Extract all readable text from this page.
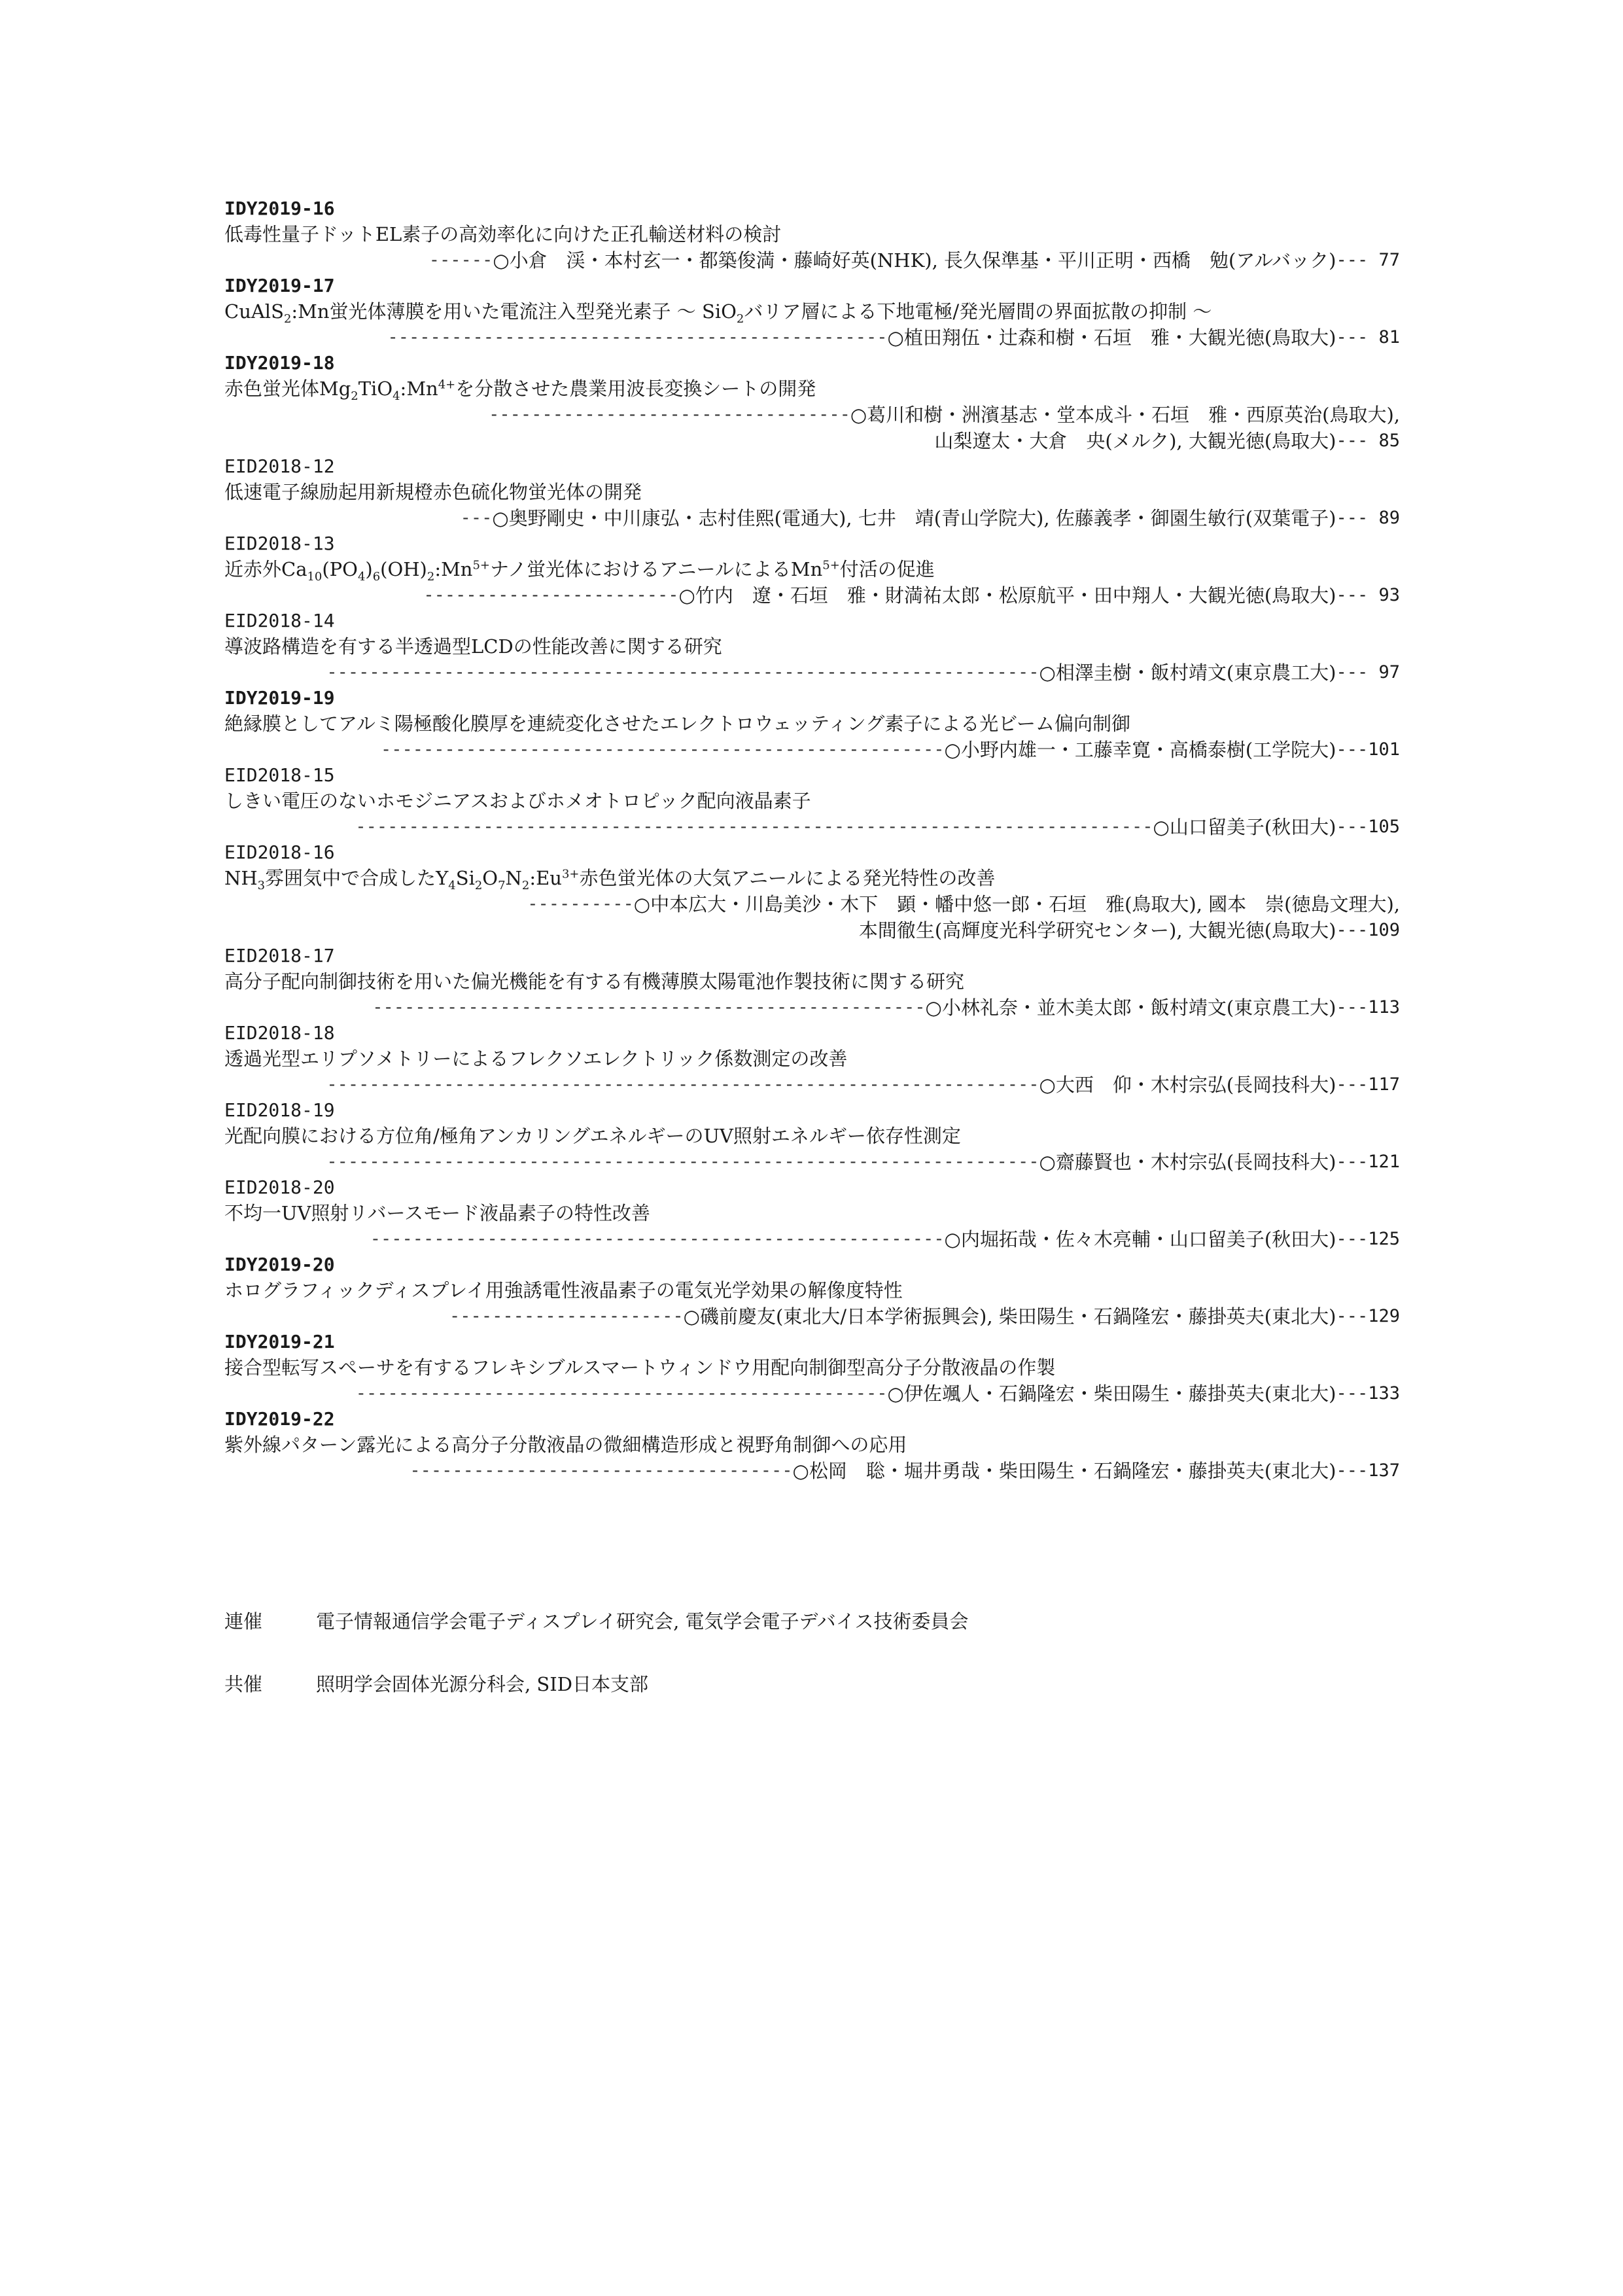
IDY2019-16
低毒性量子ドットEL素子の高効率化に向けた正孔輸送材料の検討
------ ○小倉　渓・本村玄一・都築俊満・藤崎好英(NHK), 長久保準基・平川正明・西橋　勉(アルバック) --- 77
IDY2019-17
CuAlS$_2$:Mn蛍光体薄膜を用いた電流注入型発光素子 〜 SiO$_2$バリア層による下地電極/発光層間の界面拡散の抑制 〜
----------------------------------------------- ○植田翔伍・辻森和樹・石垣　雅・大観光徳(鳥取大) --- 81
IDY2019-18
赤色蛍光体$Mg_2TiO_4:Mn^{4+}$を分散させた農業用波長変換シートの開発
---------------------------------- ○葛川和樹・洲濱基志・堂本成斗・石垣　雅・西原英治(鳥取大),
山梨遼太・大倉　央(メルク), 大観光徳(鳥取大) --- 85
EID2018-12
低速電子線励起用新規橙赤色硫化物蛍光体の開発
--- ○奥野剛史・中川康弘・志村佳熙(電通大), 七井　靖(青山学院大), 佐藤義孝・御園生敏行(双葉電子) --- 89
EID2018-13
近赤外$Ca_{10}(PO_4)_6(OH)_2:Mn^{5+}$ナノ蛍光体におけるアニールによる$Mn^{5+}$付活の促進
------------------------ ○竹内　遼・石垣　雅・財満祐太郎・松原航平・田中翔人・大観光徳(鳥取大) --- 93
EID2018-14
導波路構造を有する半透過型LCDの性能改善に関する研究
------------------------------------------------------------------- ○相澤圭樹・飯村靖文(東京農工大) --- 97
IDY2019-19
絶縁膜としてアルミ陽極酸化膜厚を連続変化させたエレクトロウェッティング素子による光ビーム偏向制御
----------------------------------------------------- ○小野内雄一・工藤幸寛・高橋泰樹(工学院大) ---101
EID2018-15
しきい電圧のないホモジニアスおよびホメオトロピック配向液晶素子
--------------------------------------------------------------------------- ○山口留美子(秋田大) ---105
EID2018-16
$NH_3$雰囲気中で合成した$Y_4Si_2O_7N_2:Eu^{3+}$赤色蛍光体の大気アニールによる発光特性の改善
---------- ○中本広大・川島美沙・木下　顕・幡中悠一郎・石垣　雅(鳥取大), 國本　崇(徳島文理大),
本間徹生(高輝度光科学研究センター), 大観光徳(鳥取大) ---109
EID2018-17
高分子配向制御技術を用いた偏光機能を有する有機薄膜太陽電池作製技術に関する研究
---------------------------------------------------- ○小林礼奈・並木美太郎・飯村靖文(東京農工大) ---113
EID2018-18
透過光型エリプソメトリーによるフレクソエレクトリック係数測定の改善
------------------------------------------------------------------- ○大西　仰・木村宗弘(長岡技科大) ---117
EID2018-19
光配向膜における方位角/極角アンカリングエネルギーのUV照射エネルギー依存性測定
------------------------------------------------------------------- ○齋藤賢也・木村宗弘(長岡技科大) ---121
EID2018-20
不均一UV照射リバースモード液晶素子の特性改善
------------------------------------------------------ ○内堀拓哉・佐々木亮輔・山口留美子(秋田大) ---125
IDY2019-20
ホログラフィックディスプレイ用強誘電性液晶素子の電気光学効果の解像度特性
---------------------- ○磯前慶友(東北大/日本学術振興会), 柴田陽生・石鍋隆宏・藤掛英夫(東北大) ---129
IDY2019-21
接合型転写スペーサを有するフレキシブルスマートウィンドウ用配向制御型高分子分散液晶の作製
-------------------------------------------------- ○伊佐颯人・石鍋隆宏・柴田陽生・藤掛英夫(東北大) ---133
IDY2019-22
紫外線パターン露光による高分子分散液晶の微細構造形成と視野角制御への応用
------------------------------------ ○松岡　聡・堀井勇哉・柴田陽生・石鍋隆宏・藤掛英夫(東北大) ---137
連催	電子情報通信学会電子ディスプレイ研究会, 電気学会電子デバイス技術委員会
共催	照明学会固体光源分科会, SID日本支部
